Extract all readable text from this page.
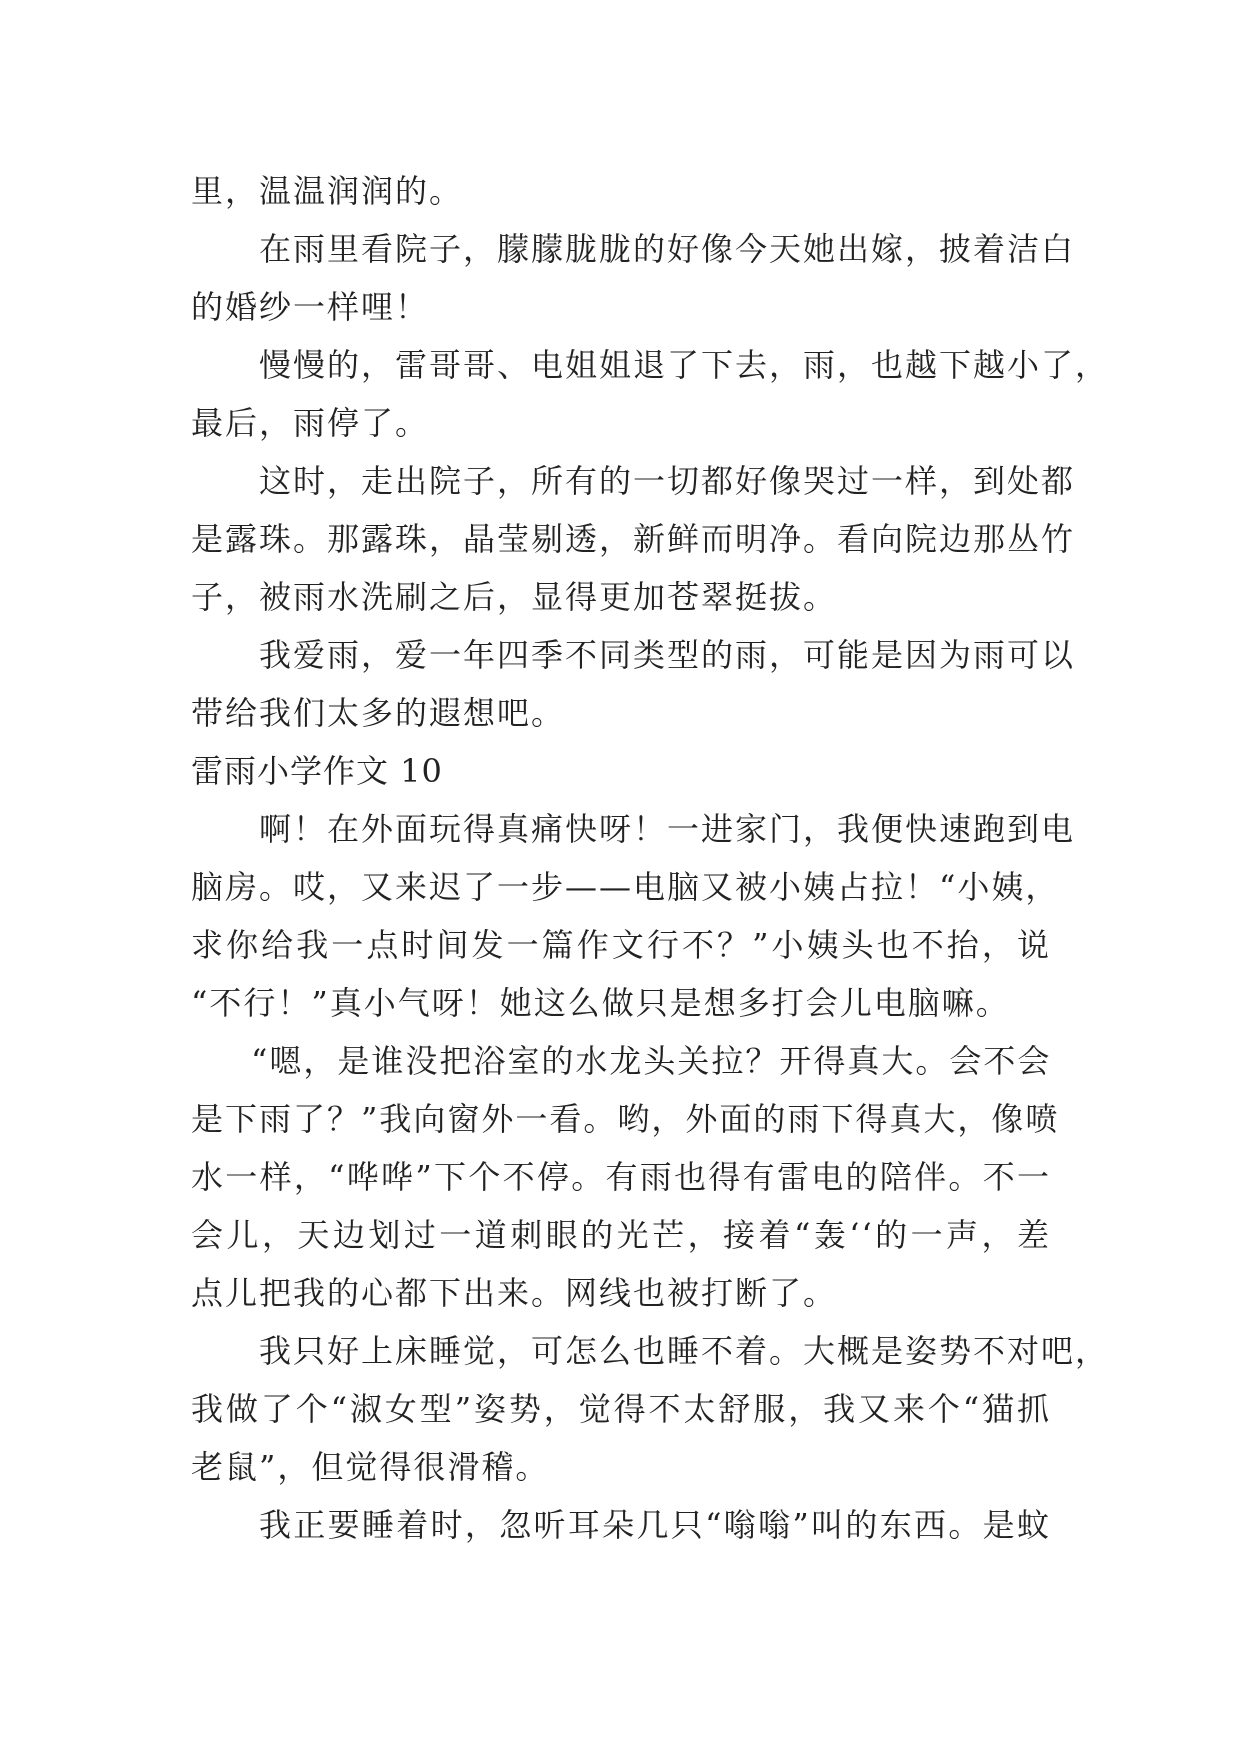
里，温温润润的。
在雨里看院子，朦朦胧胧的好像今天她出嫁，披着洁白
的婚纱一样哩！
慢慢的，雷哥哥、电姐姐退了下去，雨，也越下越小了，
最后，雨停了。
这时，走出院子，所有的一切都好像哭过一样，到处都
是露珠。那露珠，晶莹剔透，新鲜而明净。看向院边那丛竹
子，被雨水洗刷之后，显得更加苍翠挺拔。
我爱雨，爱一年四季不同类型的雨，可能是因为雨可以
带给我们太多的遐想吧。
雷雨小学作文 10
啊！在外面玩得真痛快呀！一进家门，我便快速跑到电
脑房。哎，又来迟了一步——电脑又被小姨占拉！“小姨，
求你给我一点时间发一篇作文行不？”小姨头也不抬，说
“不行！”真小气呀！她这么做只是想多打会儿电脑嘛。
“嗯，是谁没把浴室的水龙头关拉？开得真大。会不会
是下雨了？”我向窗外一看。哟，外面的雨下得真大，像喷
水一样，“哗哗”下个不停。有雨也得有雷电的陪伴。不一
会儿，天边划过一道刺眼的光芒，接着“轰‘‘的一声，差
点儿把我的心都下出来。网线也被打断了。
我只好上床睡觉，可怎么也睡不着。大概是姿势不对吧，
我做了个“淑女型”姿势，觉得不太舒服，我又来个“猫抓
老鼠”，但觉得很滑稽。
我正要睡着时，忽听耳朵几只“嗡嗡”叫的东西。是蚊
